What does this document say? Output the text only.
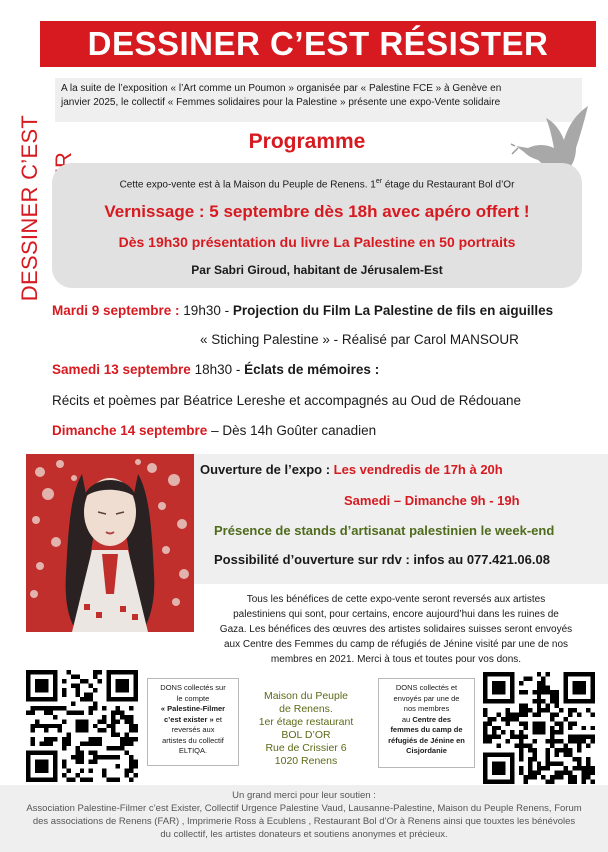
DESSINER C’EST RÉSISTER
DESSINER C’EST
A la suite de l’exposition « l’Art comme un Poumon » organisée par « Palestine FCE » à Genève en
janvier 2025, le collectif « Femmes solidaires pour la Palestine » présente une expo-Vente solidaire
Programme
Cette expo-vente est à la Maison du Peuple de Renens. 1er étage du Restaurant Bol d’Or
Vernissage : 5 septembre dès 18h avec apéro offert !
Dès 19h30 présentation du livre La Palestine en 50 portraits
Par Sabri Giroud, habitant de Jérusalem-Est
Mardi 9 septembre : 19h30 - Projection du Film La Palestine de fils en aiguilles
« Stiching Palestine » - Réalisé par Carol MANSOUR
Samedi 13 septembre 18h30 - Éclats de mémoires :
Récits et poèmes par Béatrice Lereshe et accompagnés au Oud de Rédouane
Dimanche 14 septembre – Dès 14h Goûter canadien
Ouverture de l’expo : Les vendredis de 17h à 20h
Samedi – Dimanche 9h - 19h
Présence de stands d’artisanat palestinien le week-end
Possibilité d’ouverture sur rdv : infos au 077.421.06.08
Tous les bénéfices de cette expo-vente seront reversés aux artistes
palestiniens qui sont, pour certains, encore aujourd’hui dans les ruines de
Gaza. Les bénéfices des œuvres des artistes solidaires suisses seront envoyés
aux Centre des Femmes du camp de réfugiés de Jénine visité par une de nos
membres en 2021. Merci à tous et toutes pour vos dons.
DONS collectés sur
le compte
« Palestine-Filmer
c’est exister » et
reversés aux
artistes du collectif
ELTIQA.
Maison du Peuple
de Renens.
1er étage restaurant
BOL D’OR
Rue de Crissier 6
1020 Renens
DONS collectés et
envoyés par une de
nos membres
au Centre des
femmes du camp de
réfugiés de Jénine en
Cisjordanie
Un grand merci pour leur soutien :
Association Palestine-Filmer c’est Exister, Collectif Urgence Palestine Vaud, Lausanne-Palestine, Maison du Peuple Renens, Forum
des associations de Renens (FAR) , Imprimerie Ross à Ecublens , Restaurant Bol d’Or à Renens ainsi que touxtes les bénévoles
du collectif, les artistes donateurs et soutiens anonymes et précieux.
